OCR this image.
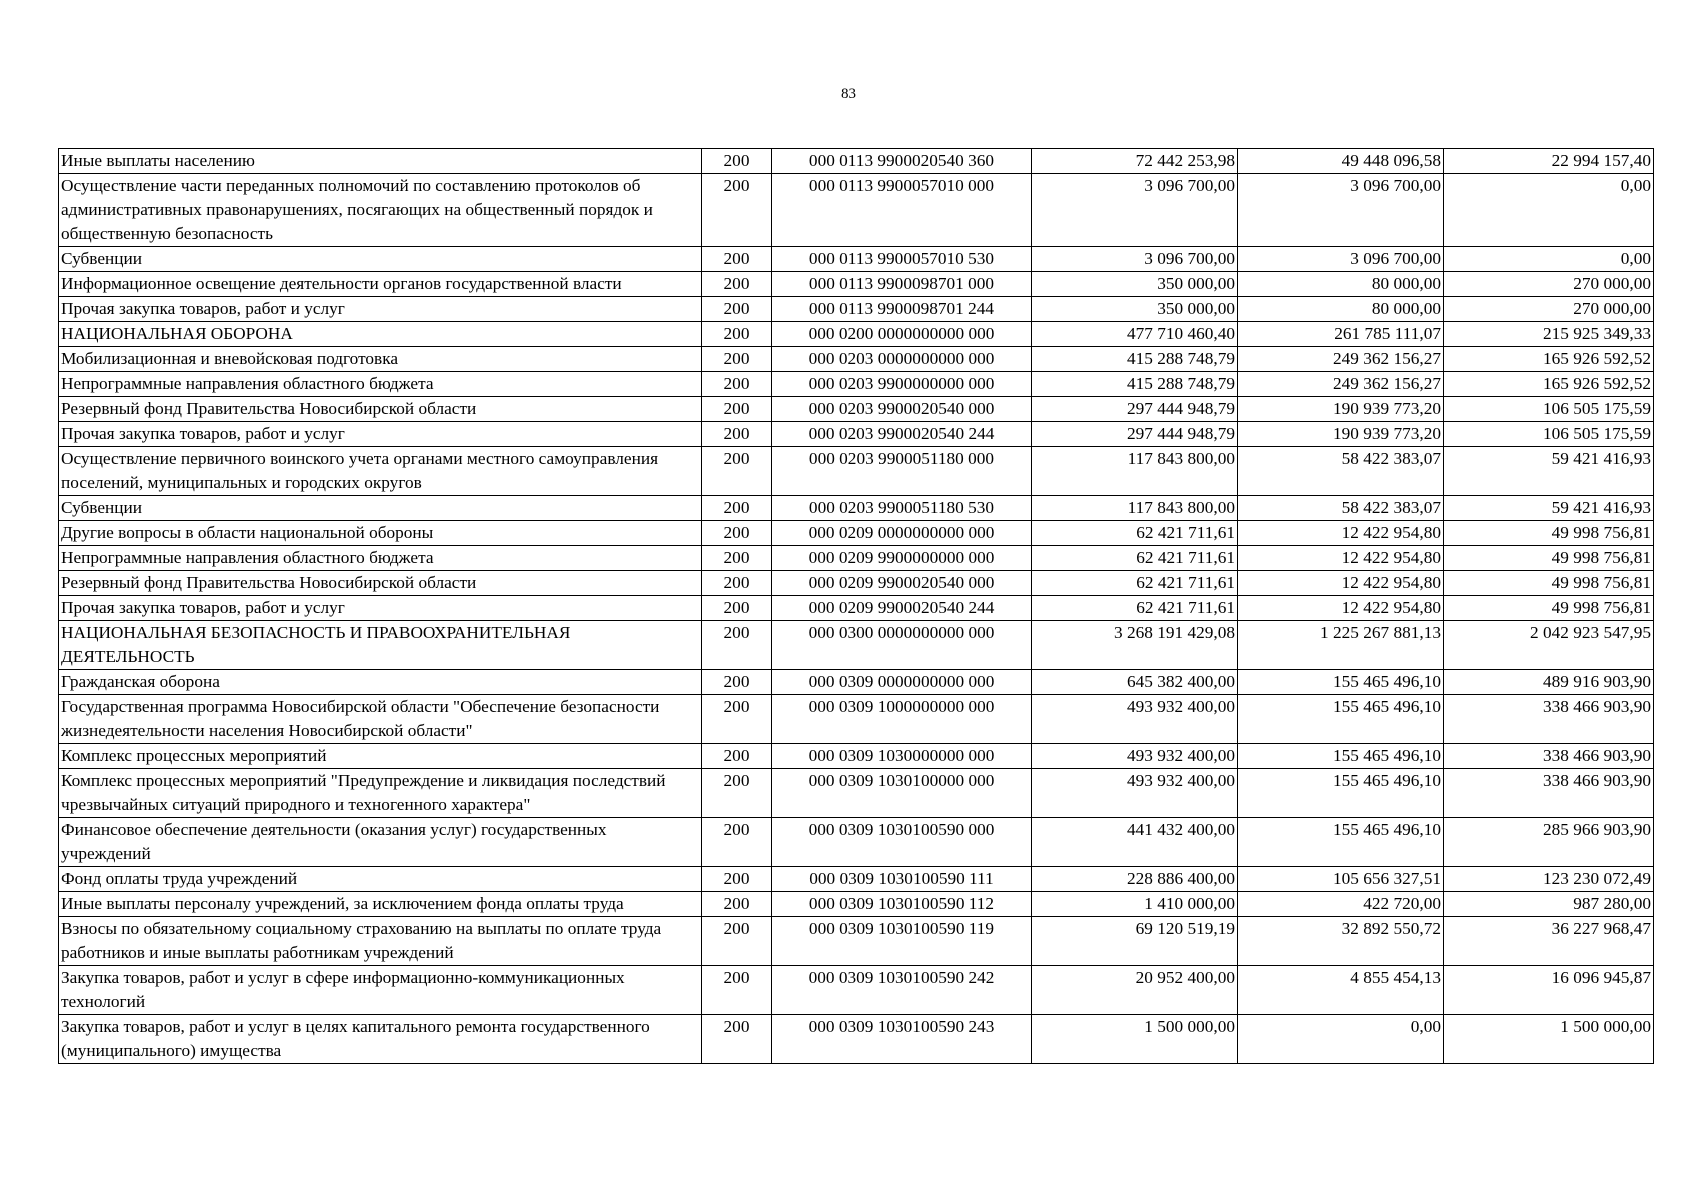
83
Иные выплаты населению	200	000 0113 9900020540 360	72 442 253,98	49 448 096,58	22 994 157,40
Осуществление части переданных полномочий по составлению протоколов об административных правонарушениях, посягающих на общественный порядок и общественную безопасность	200	000 0113 9900057010 000	3 096 700,00	3 096 700,00	0,00
Субвенции	200	000 0113 9900057010 530	3 096 700,00	3 096 700,00	0,00
Информационное освещение деятельности органов государственной власти	200	000 0113 9900098701 000	350 000,00	80 000,00	270 000,00
Прочая закупка товаров, работ и услуг	200	000 0113 9900098701 244	350 000,00	80 000,00	270 000,00
НАЦИОНАЛЬНАЯ ОБОРОНА	200	000 0200 0000000000 000	477 710 460,40	261 785 111,07	215 925 349,33
Мобилизационная и вневойсковая подготовка	200	000 0203 0000000000 000	415 288 748,79	249 362 156,27	165 926 592,52
Непрограммные направления областного бюджета	200	000 0203 9900000000 000	415 288 748,79	249 362 156,27	165 926 592,52
Резервный фонд Правительства Новосибирской области	200	000 0203 9900020540 000	297 444 948,79	190 939 773,20	106 505 175,59
Прочая закупка товаров, работ и услуг	200	000 0203 9900020540 244	297 444 948,79	190 939 773,20	106 505 175,59
Осуществление первичного воинского учета органами местного самоуправления поселений, муниципальных и городских округов	200	000 0203 9900051180 000	117 843 800,00	58 422 383,07	59 421 416,93
Субвенции	200	000 0203 9900051180 530	117 843 800,00	58 422 383,07	59 421 416,93
Другие вопросы в области национальной обороны	200	000 0209 0000000000 000	62 421 711,61	12 422 954,80	49 998 756,81
Непрограммные направления областного бюджета	200	000 0209 9900000000 000	62 421 711,61	12 422 954,80	49 998 756,81
Резервный фонд Правительства Новосибирской области	200	000 0209 9900020540 000	62 421 711,61	12 422 954,80	49 998 756,81
Прочая закупка товаров, работ и услуг	200	000 0209 9900020540 244	62 421 711,61	12 422 954,80	49 998 756,81
НАЦИОНАЛЬНАЯ БЕЗОПАСНОСТЬ И ПРАВООХРАНИТЕЛЬНАЯ ДЕЯТЕЛЬНОСТЬ	200	000 0300 0000000000 000	3 268 191 429,08	1 225 267 881,13	2 042 923 547,95
Гражданская оборона	200	000 0309 0000000000 000	645 382 400,00	155 465 496,10	489 916 903,90
Государственная программа Новосибирской области "Обеспечение безопасности жизнедеятельности населения Новосибирской области"	200	000 0309 1000000000 000	493 932 400,00	155 465 496,10	338 466 903,90
Комплекс процессных мероприятий	200	000 0309 1030000000 000	493 932 400,00	155 465 496,10	338 466 903,90
Комплекс процессных мероприятий "Предупреждение и ликвидация последствий чрезвычайных ситуаций природного и техногенного характера"	200	000 0309 1030100000 000	493 932 400,00	155 465 496,10	338 466 903,90
Финансовое обеспечение деятельности (оказания услуг) государственных учреждений	200	000 0309 1030100590 000	441 432 400,00	155 465 496,10	285 966 903,90
Фонд оплаты труда учреждений	200	000 0309 1030100590 111	228 886 400,00	105 656 327,51	123 230 072,49
Иные выплаты персоналу учреждений, за исключением фонда оплаты труда	200	000 0309 1030100590 112	1 410 000,00	422 720,00	987 280,00
Взносы по обязательному социальному страхованию на выплаты по оплате труда работников и иные выплаты работникам учреждений	200	000 0309 1030100590 119	69 120 519,19	32 892 550,72	36 227 968,47
Закупка товаров, работ и услуг в сфере информационно-коммуникационных технологий	200	000 0309 1030100590 242	20 952 400,00	4 855 454,13	16 096 945,87
Закупка товаров, работ и услуг в целях капитального ремонта государственного (муниципального) имущества	200	000 0309 1030100590 243	1 500 000,00	0,00	1 500 000,00
